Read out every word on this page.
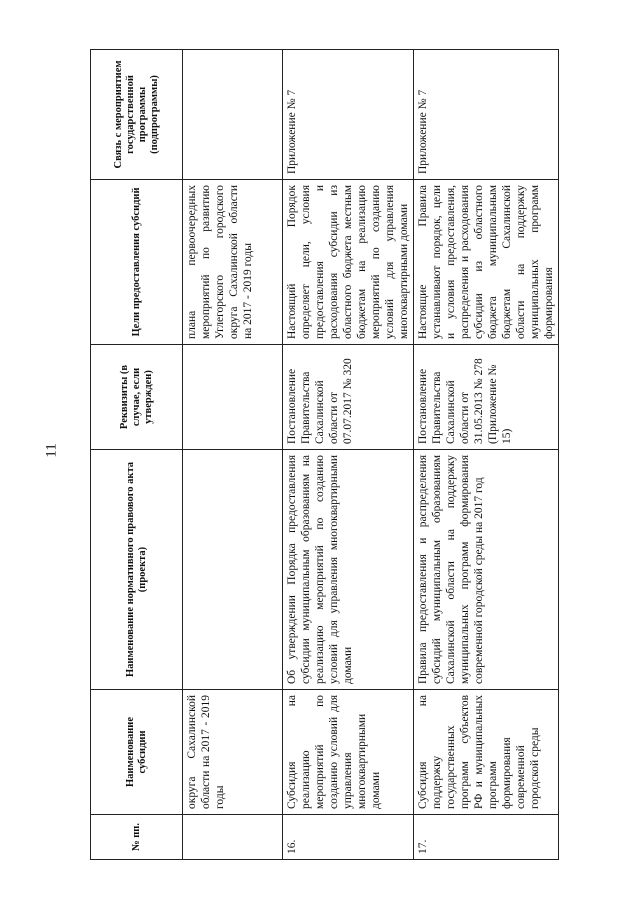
11
№ пп.	Наименование субсидии	Наименование нормативного правового акта (проекта)	Реквизиты (в случае, если утвержден)	Цели предоставления субсидий	Связь с мероприятием государственной программы (подпрограммы)
	округа Сахалинской области на 2017 - 2019 годы			плана первоочередных мероприятий по развитию Углегорского городского округа Сахалинской области на 2017 - 2019 годы	
16.	Субсидия на реализацию мероприятий по созданию условий для управления многоквартирными домами	Об утверждении Порядка предоставления субсидии муниципальным образованиям на реализацию мероприятий по созданию условий для управления многоквартирными домами	Постановление Правительства Сахалинской области от 07.07.2017 № 320	Настоящий Порядок определяет цели, условия предоставления и расходования субсидии из областного бюджета местным бюджетам на реализацию мероприятий по созданию условий для управления многоквартирными домами	Приложение № 7
17.	Субсидия на поддержку государственных программ субъектов РФ и муниципальных программ формирования современной городской среды	Правила предоставления и распределения субсидий муниципальным образованиям Сахалинской области на поддержку муниципальных программ формирования современной городской среды на 2017 год	Постановление Правительства Сахалинской области от 31.05.2013 № 278 (Приложение № 15)	Настоящие Правила устанавливают порядок, цели и условия предоставления, распределения и расходования субсидии из областного бюджета муниципальным бюджетам Сахалинской области на поддержку муниципальных программ формирования	Приложение № 7
